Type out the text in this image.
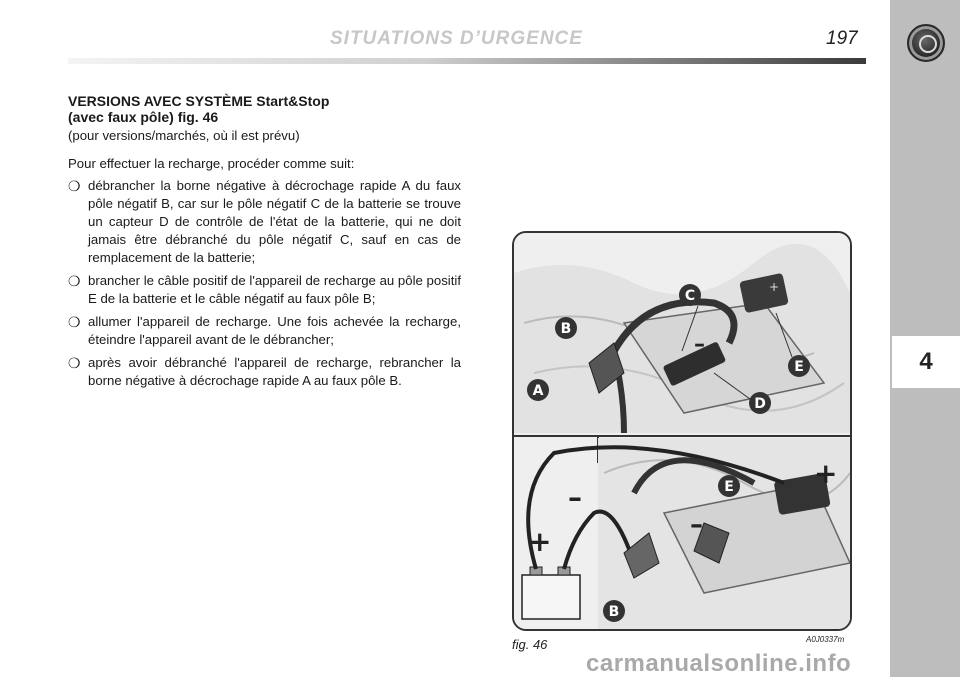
4
SITUATIONS D’URGENCE	197

VERSIONS AVEC SYSTÈME Start&Stop
(avec faux pôle) fig. 46

(pour versions/marchés, où il est prévu)

Pour effectuer la recharge, procéder comme suit:

❍ débrancher la borne négative à décrochage rapide A du faux pôle négatif B, car sur le pôle négatif C de la batterie se trouve un capteur D de contrôle de l'état de la batterie, qui ne doit jamais être débranché du pôle négatif C, sauf en cas de remplacement de la batterie;
❍ brancher le câble positif de l'appareil de recharge au pôle positif E de la batterie et le câble négatif au faux pôle B;
❍ allumer l'appareil de recharge. Une fois achevée la recharge, éteindre l'appareil avant de le débrancher;
❍ après avoir débranché l'appareil de recharge, rebrancher la borne négative à décrochage rapide A au faux pôle B.
+
C
B
A
E
D
–
E
B
+
–
+	–
fig. 46	A0J0337m
carmanualsonline.info
